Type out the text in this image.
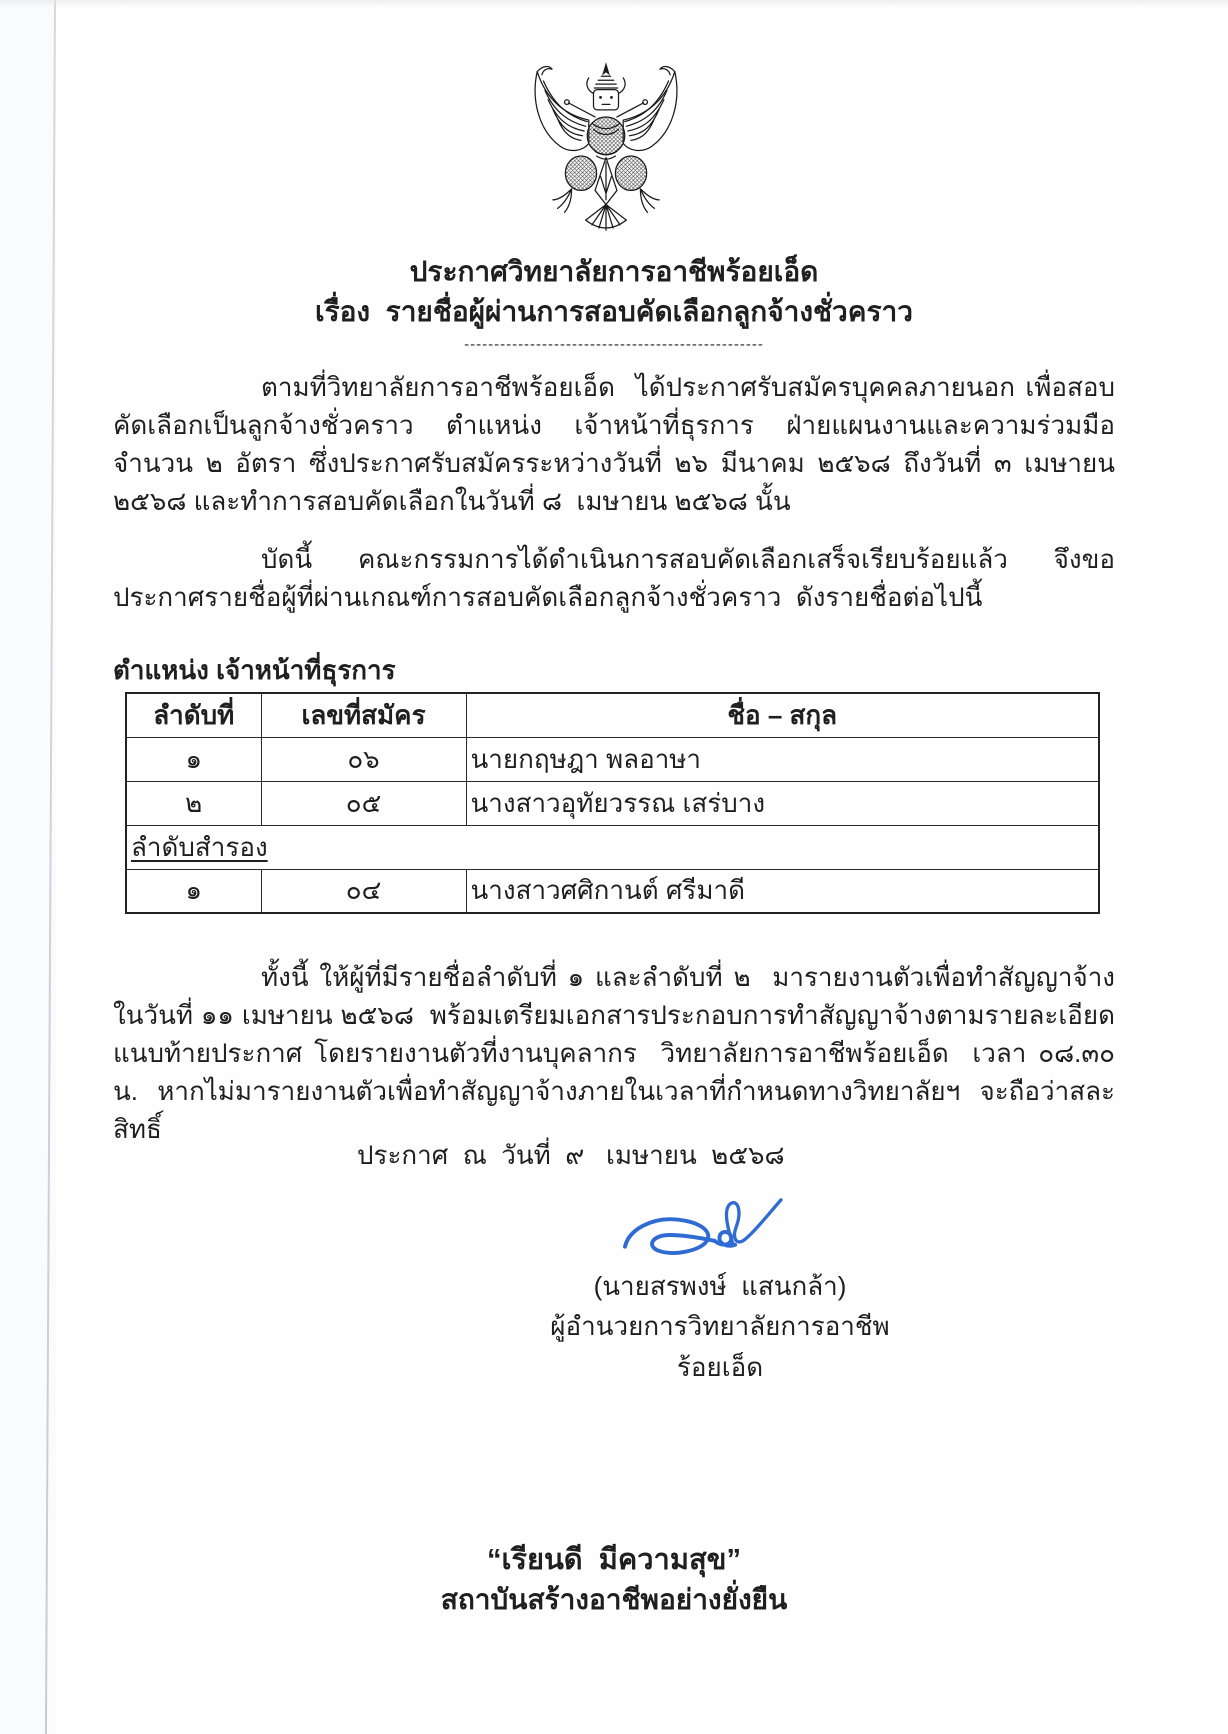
ประกาศวิทยาลัยการอาชีพร้อยเอ็ด
เรื่อง  รายชื่อผู้ผ่านการสอบคัดเลือกลูกจ้างชั่วคราว
--------------------------------------------------
ตามที่วิทยาลัยการอาชีพร้อยเอ็ด  ได้ประกาศรับสมัครบุคคลภายนอก เพื่อสอบคัดเลือกเป็นลูกจ้างชั่วคราว ตำแหน่ง เจ้าหน้าที่ธุรการ ฝ่ายแผนงานและความร่วมมือ จำนวน ๒ อัตรา ซึ่งประกาศรับสมัครระหว่างวันที่ ๒๖ มีนาคม ๒๕๖๘ ถึงวันที่ ๓ เมษายน ๒๕๖๘ และทำการสอบคัดเลือกในวันที่ ๘  เมษายน ๒๕๖๘ นั้น
บัดนี้  คณะกรรมการได้ดำเนินการสอบคัดเลือกเสร็จเรียบร้อยแล้ว  จึงขอประกาศรายชื่อผู้ที่ผ่านเกณฑ์การสอบคัดเลือกลูกจ้างชั่วคราว  ดังรายชื่อต่อไปนี้
ตำแหน่ง เจ้าหน้าที่ธุรการ
ลำดับที่	เลขที่สมัคร	ชื่อ – สกุล
๑	๐๖	นายกฤษฎา พลอาษา
๒	๐๕	นางสาวอุทัยวรรณ เสร่บาง
ลำดับสำรอง		
๑	๐๔	นางสาวศศิกานต์ ศรีมาดี
ทั้งนี้ ให้ผู้ที่มีรายชื่อลำดับที่ ๑ และลำดับที่ ๒  มารายงานตัวเพื่อทำสัญญาจ้างในวันที่ ๑๑ เมษายน ๒๕๖๘  พร้อมเตรียมเอกสารประกอบการทำสัญญาจ้างตามรายละเอียดแนบท้ายประกาศ โดยรายงานตัวที่งานบุคลากร  วิทยาลัยการอาชีพร้อยเอ็ด  เวลา ๐๘.๓๐ น.  หากไม่มารายงานตัวเพื่อทำสัญญาจ้างภายในเวลาที่กำหนดทางวิทยาลัยฯ  จะถือว่าสละสิทธิ์
ประกาศ  ณ  วันที่  ๙   เมษายน  ๒๕๖๘
(นายสรพงษ์  แสนกล้า)
ผู้อำนวยการวิทยาลัยการอาชีพร้อยเอ็ด
“เรียนดี  มีความสุข”
สถาบันสร้างอาชีพอย่างยั่งยืน
